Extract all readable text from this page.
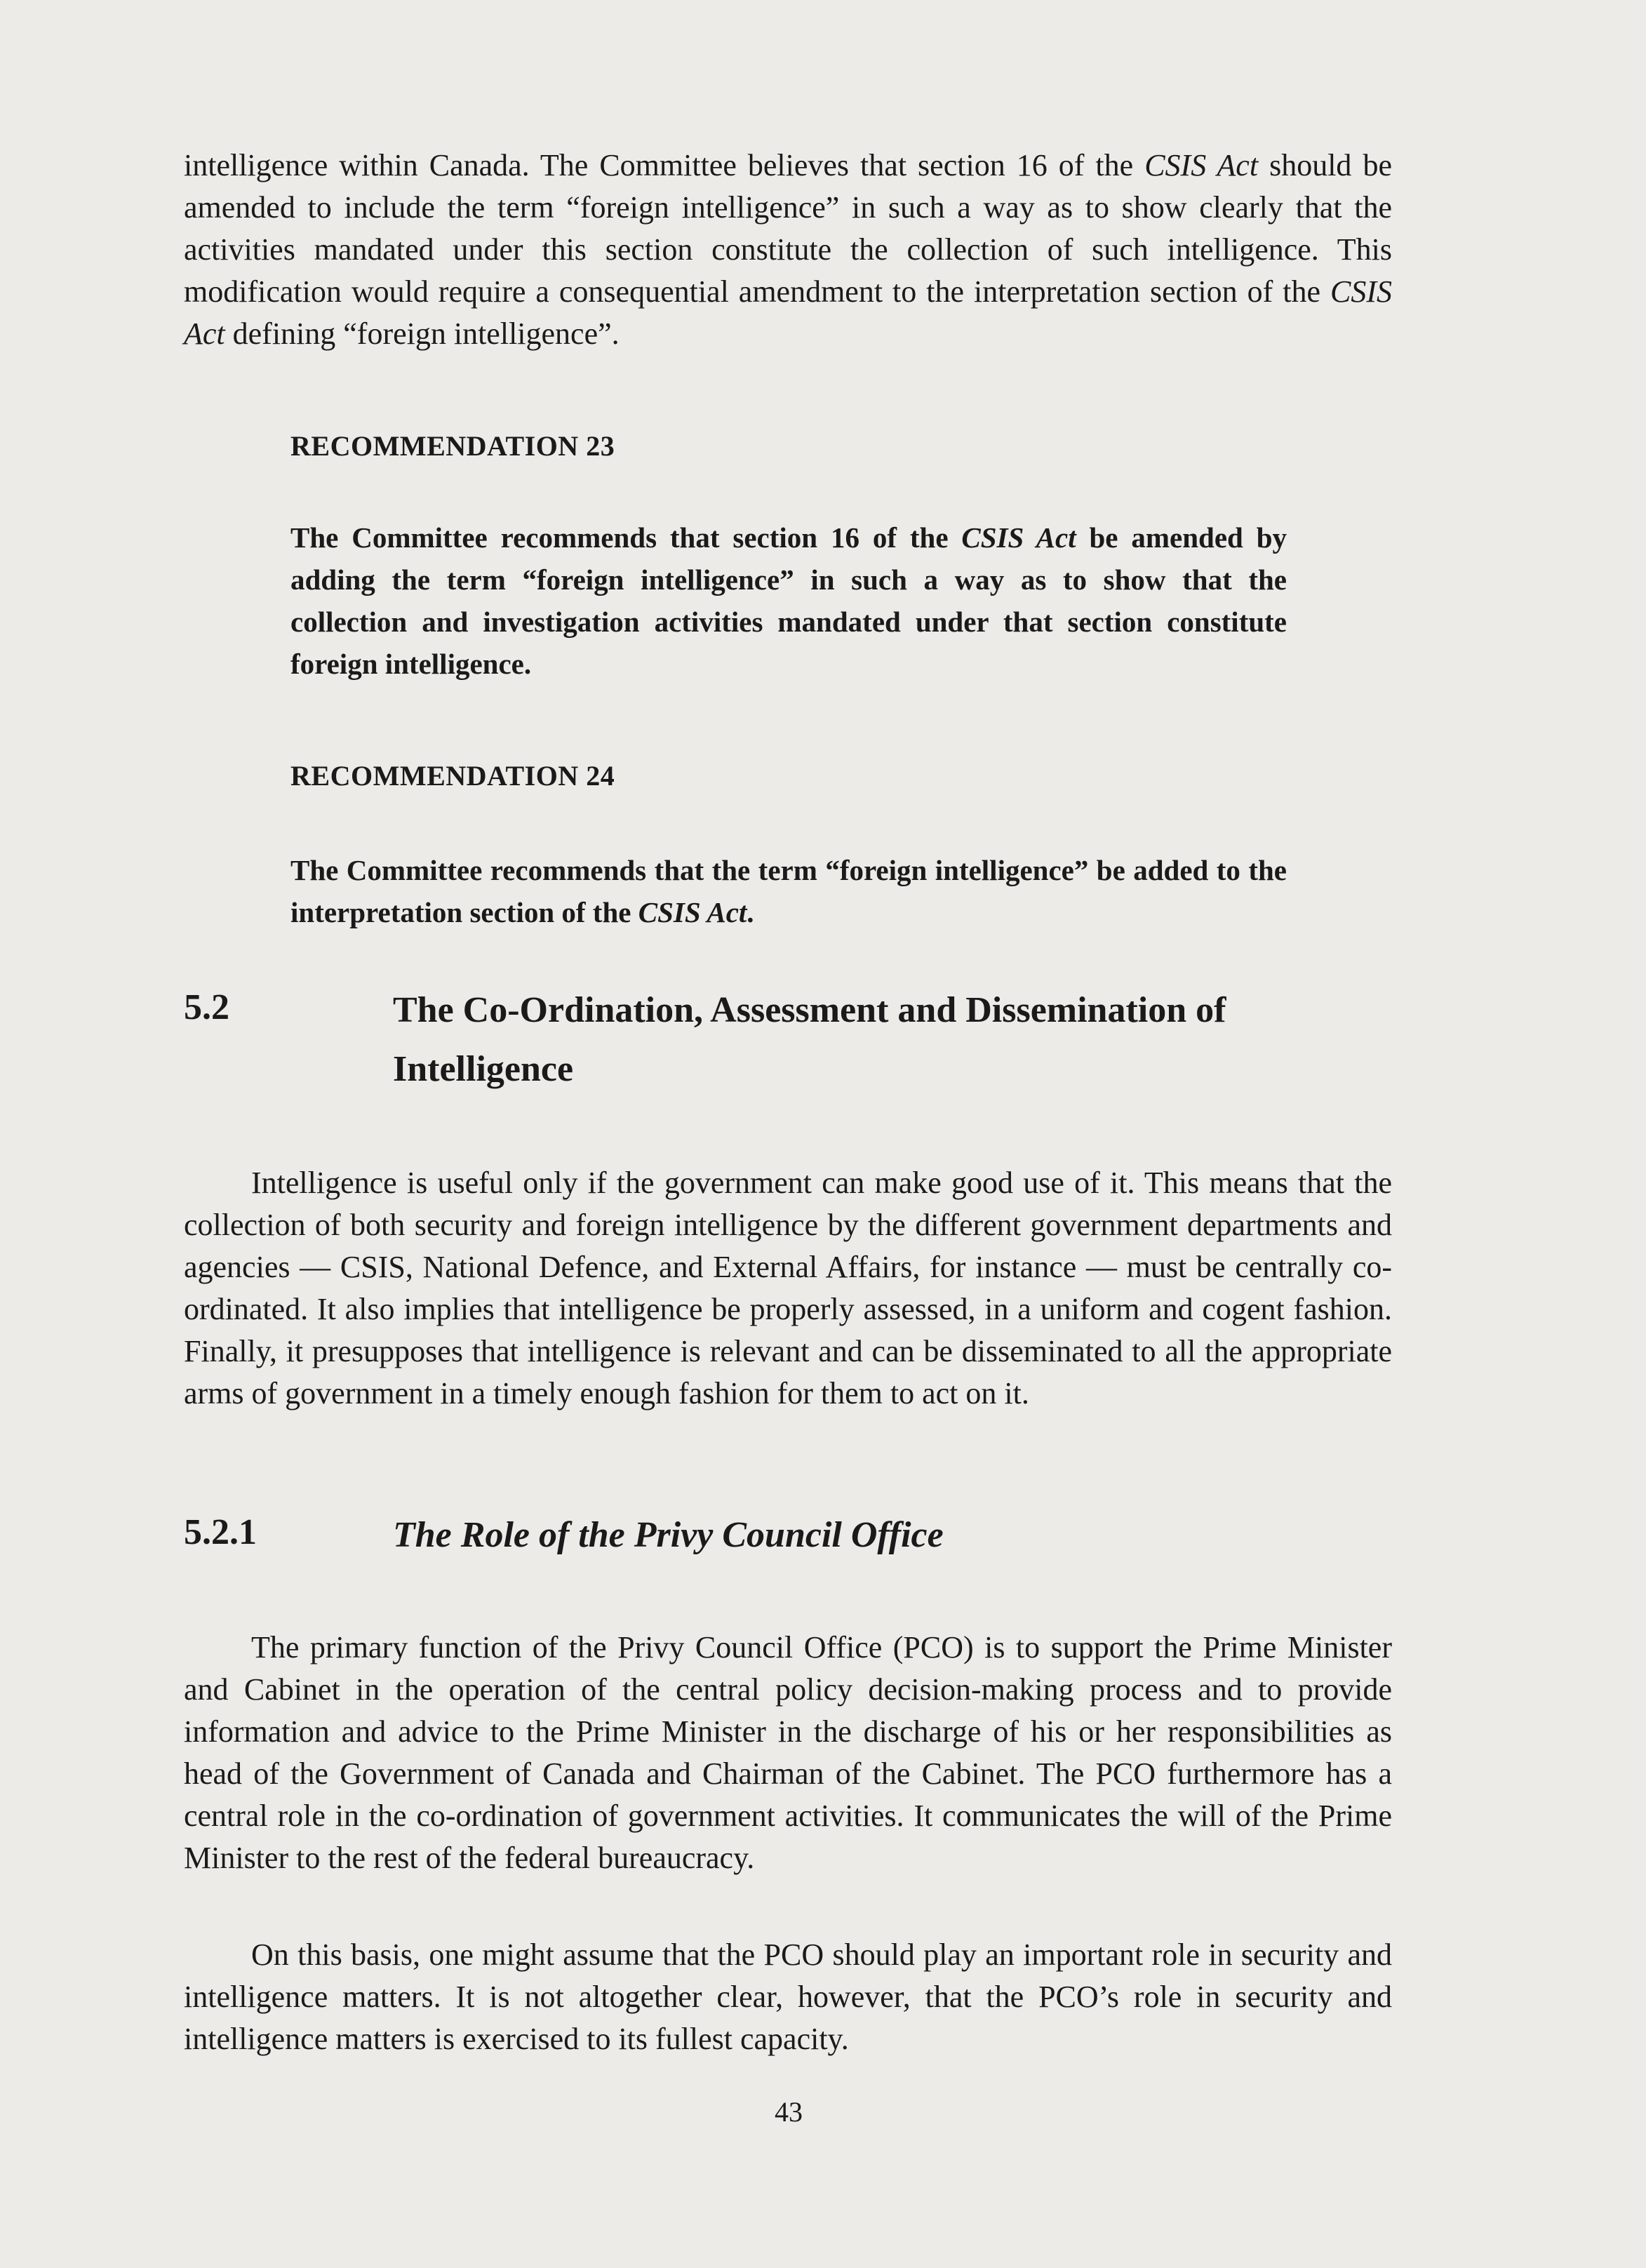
intelligence within Canada. The Committee believes that section 16 of the CSIS Act should be amended to include the term “foreign intelligence” in such a way as to show clearly that the activities mandated under this section constitute the collection of such intelligence. This modification would require a consequential amendment to the interpretation section of the CSIS Act defining “foreign intelligence”.
RECOMMENDATION 23
The Committee recommends that section 16 of the CSIS Act be amended by adding the term “foreign intelligence” in such a way as to show that the collection and investigation activities mandated under that section constitute foreign intelligence.
RECOMMENDATION 24
The Committee recommends that the term “foreign intelligence” be added to the interpretation section of the CSIS Act.
5.2	The Co-Ordination, Assessment and Dissemination of Intelligence
Intelligence is useful only if the government can make good use of it. This means that the collection of both security and foreign intelligence by the different government departments and agencies — CSIS, National Defence, and External Affairs, for instance — must be centrally co-ordinated. It also implies that intelligence be properly assessed, in a uniform and cogent fashion. Finally, it presupposes that intelligence is relevant and can be disseminated to all the appropriate arms of government in a timely enough fashion for them to act on it.
5.2.1	The Role of the Privy Council Office
The primary function of the Privy Council Office (PCO) is to support the Prime Minister and Cabinet in the operation of the central policy decision-making process and to provide information and advice to the Prime Minister in the discharge of his or her responsibilities as head of the Government of Canada and Chairman of the Cabinet. The PCO furthermore has a central role in the co-ordination of government activities. It communicates the will of the Prime Minister to the rest of the federal bureaucracy.
On this basis, one might assume that the PCO should play an important role in security and intelligence matters. It is not altogether clear, however, that the PCO’s role in security and intelligence matters is exercised to its fullest capacity.
43
